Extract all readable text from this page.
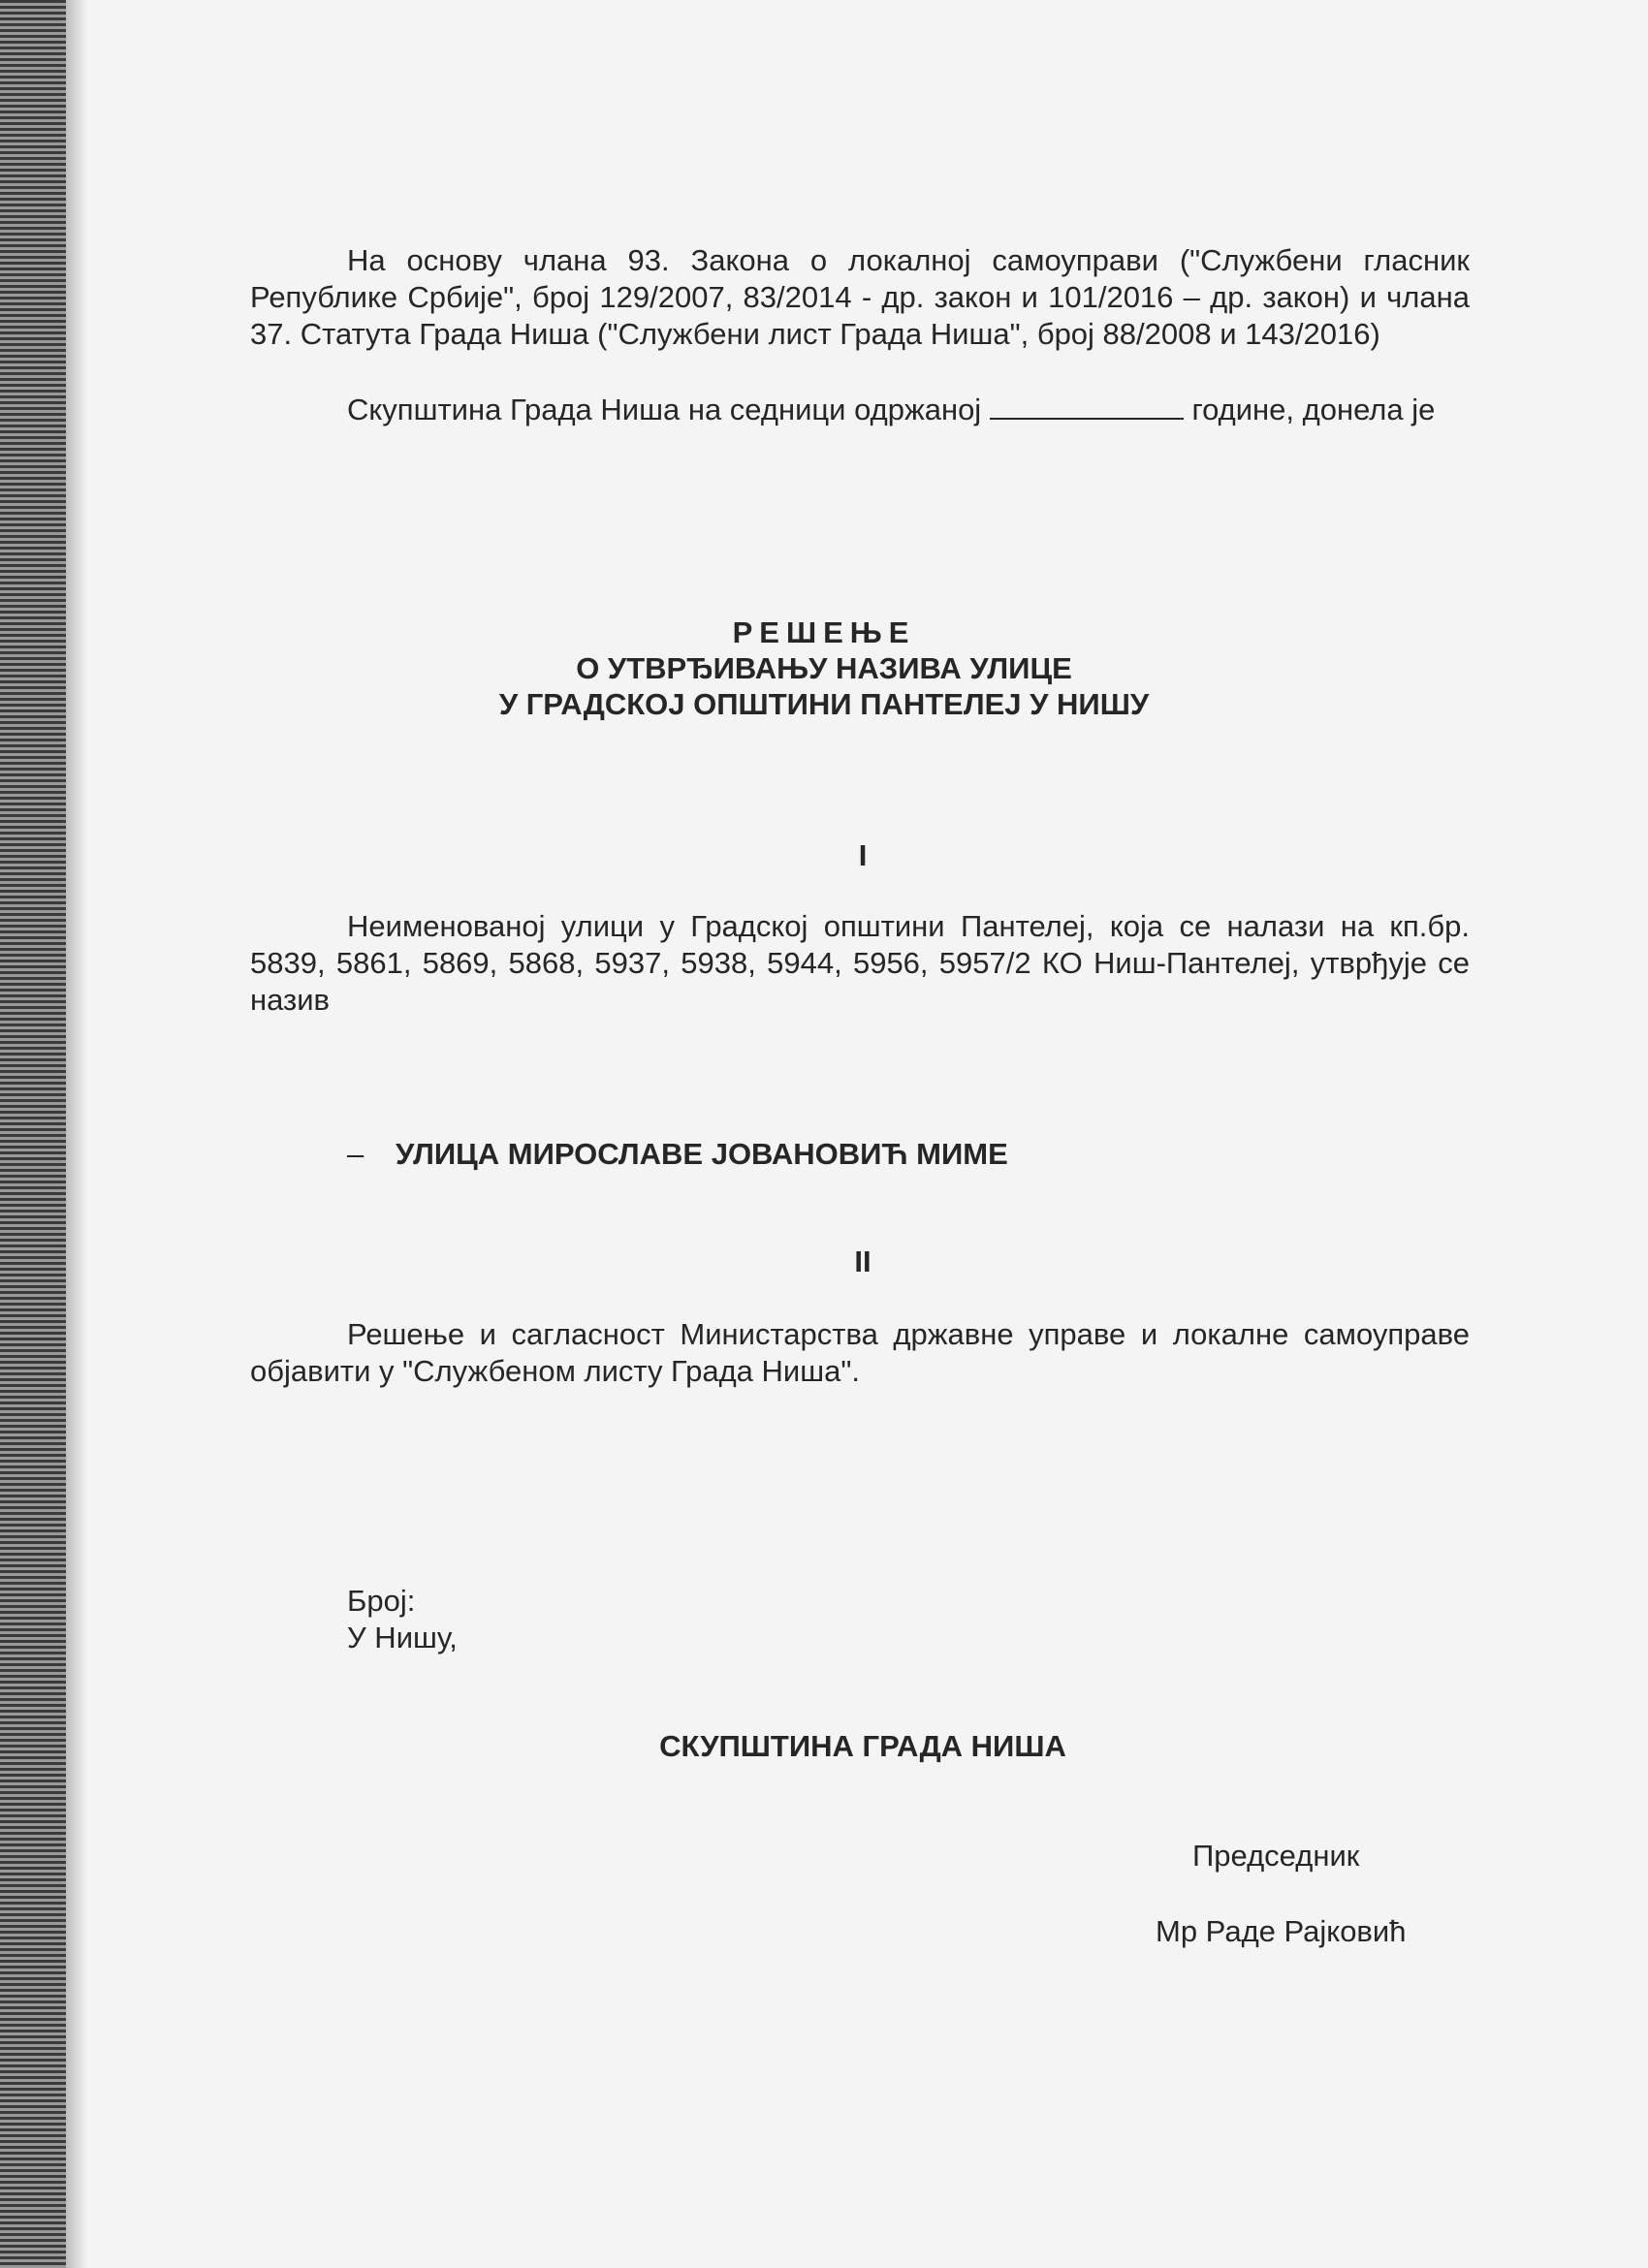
На основу члана 93. Закона о локалној самоуправи ("Службени гласник Републике Србије", број 129/2007, 83/2014 - др. закон и 101/2016 – др. закон) и члана 37. Статута Града Ниша ("Службени лист Града Ниша", број 88/2008 и 143/2016)

Скупштина Града Ниша на седници одржаној	године, донела је

РЕШЕЊЕ
О УТВРЂИВАЊУ НАЗИВА УЛИЦЕ
У ГРАДСКОЈ ОПШТИНИ ПАНТЕЛЕЈ У НИШУ
I

Неименованој улици у Градској општини Пантелеј, која се налази на кп.бр. 5839, 5861, 5869, 5868, 5937, 5938, 5944, 5956, 5957/2 КО Ниш-Пантелеј, утврђује се назив

– УЛИЦА МИРОСЛАВЕ ЈОВАНОВИЋ МИМЕ
II

Решење и сагласност Министарства државне управе и локалне самоуправе објавити у "Службеном листу Града Ниша".

Број:
У Нишу,
СКУПШТИНА ГРАДА НИША
Председник
Мр Раде Рајковић
